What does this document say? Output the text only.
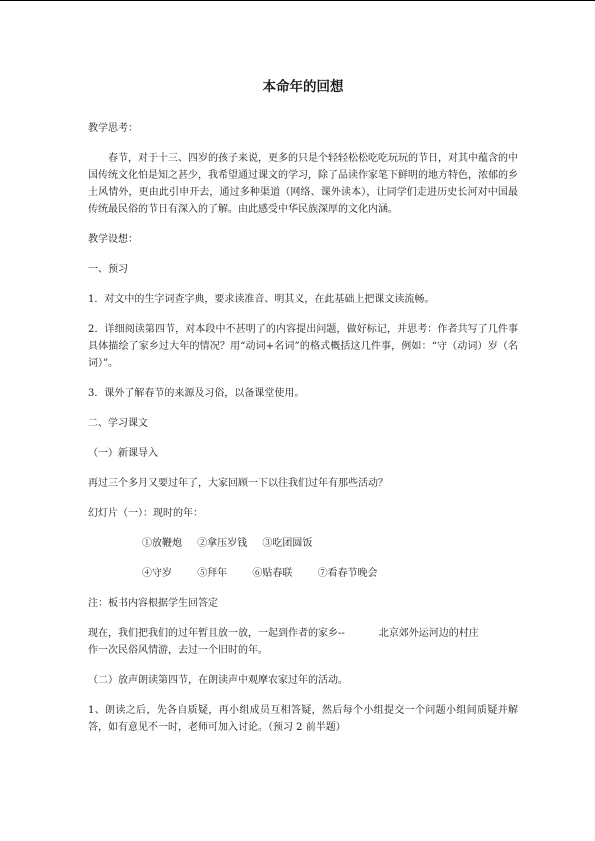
本命年的回想
教学思考：
春节，对于十三、四岁的孩子来说，更多的只是个轻轻松松吃吃玩玩的节日，对其中蕴含的中国传统文化怕是知之甚少，我希望通过课文的学习，除了品读作家笔下鲜明的地方特色，浓郁的乡土风情外，更由此引申开去，通过多种渠道（网络、课外读本），让同学们走进历史长河对中国最传统最民俗的节日有深入的了解。由此感受中华民族深厚的文化内涵。
教学设想：
一、预习
1．对文中的生字词查字典，要求读准音、明其义，在此基础上把课文读流畅。
2．详细阅读第四节，对本段中不甚明了的内容提出问题，做好标记，并思考：作者共写了几件事具体描绘了家乡过大年的情况？用“动词+名词”的格式概括这几件事，例如：“守（动词）岁（名词）”。
3．课外了解春节的来源及习俗，以备课堂使用。
二、学习课文
（一）新课导入
再过三个多月又要过年了，大家回顾一下以往我们过年有那些活动？
幻灯片（一）：现时的年：
①放鞭炮 ②拿压岁钱 ③吃团圆饭
④守岁	⑤拜年	⑥贴春联	⑦看春节晚会
注：板书内容根据学生回答定
现在，我们把我们的过年暂且放一放，一起到作者的家乡--	北京郊外运河边的村庄
作一次民俗风情游，去过一个旧时的年。
（二）放声朗读第四节，在朗读声中观摩农家过年的活动。
1、朗读之后，先各自质疑，再小组成员互相答疑，然后每个小组提交一个问题小组间质疑并解答，如有意见不一时，老师可加入讨论。（预习 2 前半题）
